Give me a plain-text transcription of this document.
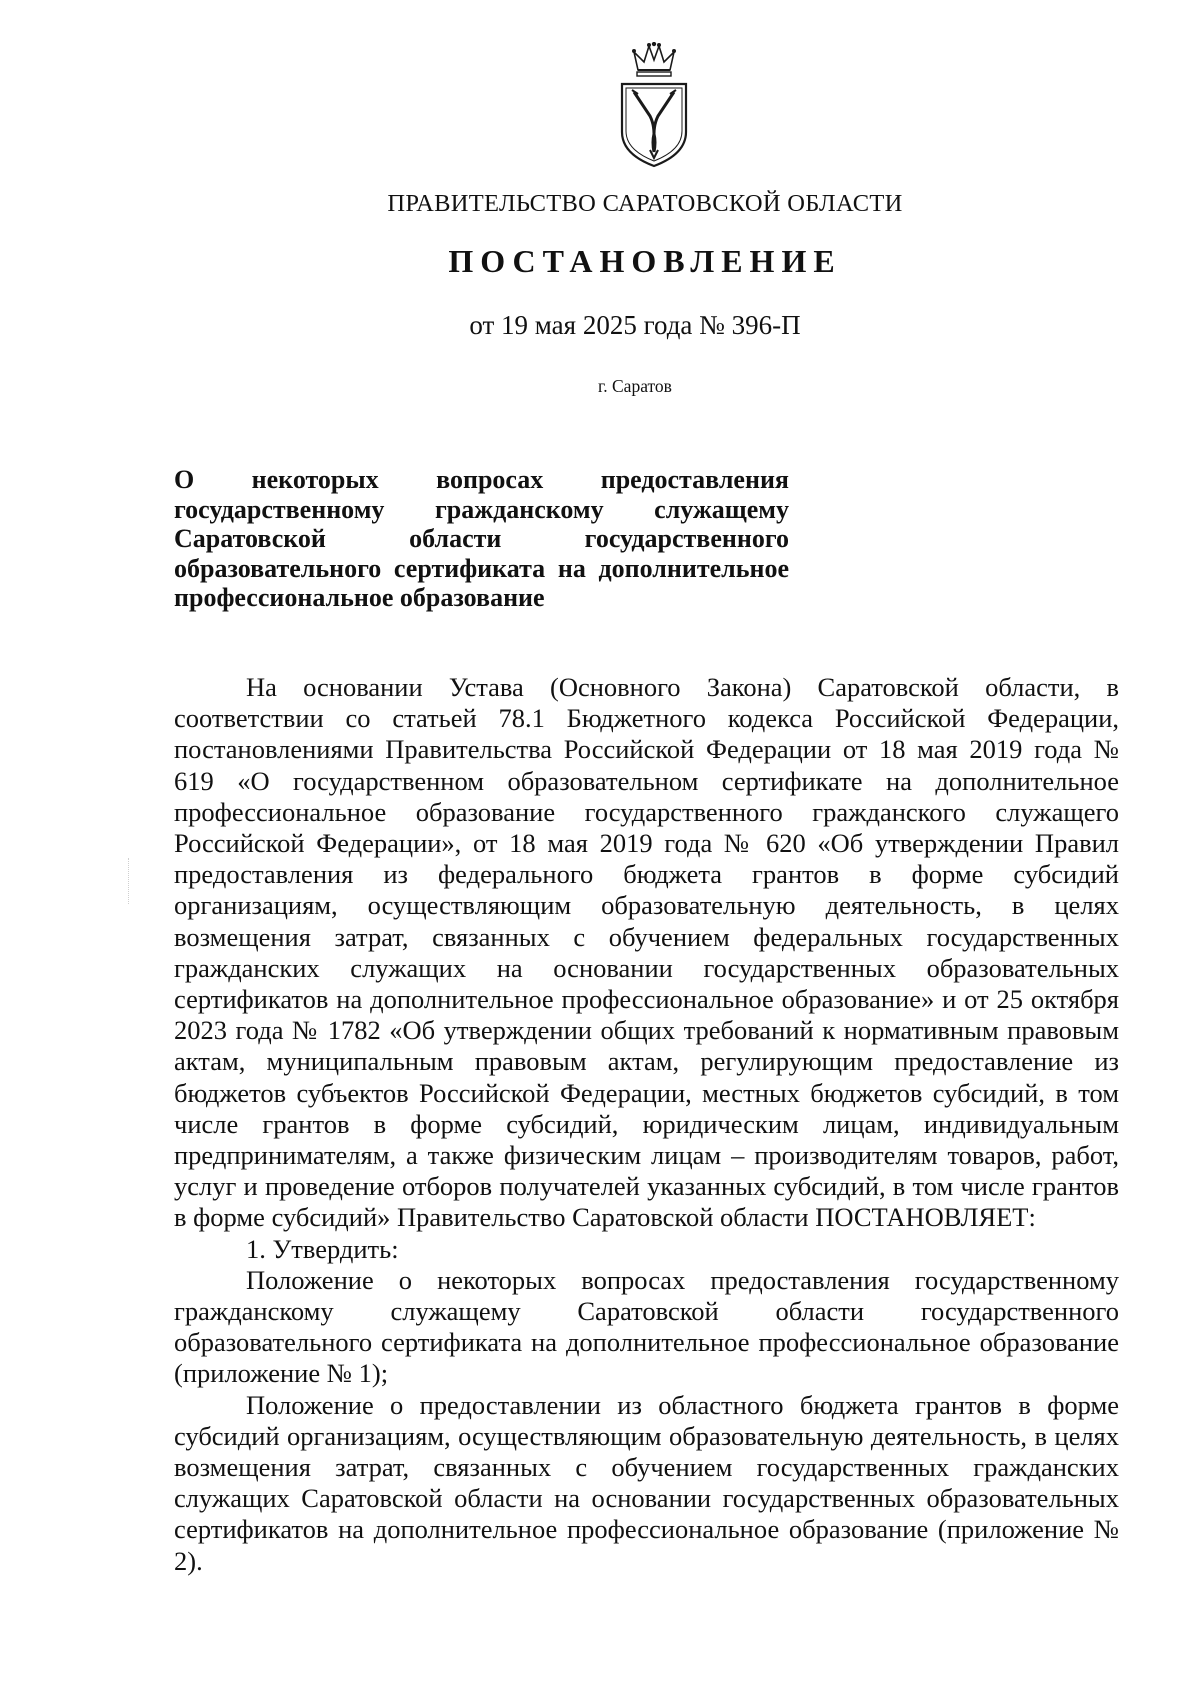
ПРАВИТЕЛЬСТВО САРАТОВСКОЙ ОБЛАСТИ
ПОСТАНОВЛЕНИЕ
от 19 мая 2025 года № 396-П
г. Саратов
О некоторых вопросах предоставления
государственному гражданскому служащему
Саратовской области государственного
образовательного сертификата на дополнительное
профессиональное образование

На основании Устава (Основного Закона) Саратовской области, в соответствии со статьей 78.1 Бюджетного кодекса Российской Федерации, постановлениями Правительства Российской Федерации от 18 мая 2019 года № 619 «О государственном образовательном сертификате на дополнительное профессиональное образование государственного гражданского служащего Российской Федерации», от 18 мая 2019 года № 620 «Об утверждении Правил предоставления из федерального бюджета грантов в форме субсидий организациям, осуществляющим образовательную деятельность, в целях возмещения затрат, связанных с обучением федеральных государственных гражданских служащих на основании государственных образовательных сертификатов на дополнительное профессиональное образование» и от 25 октября 2023 года № 1782 «Об утверждении общих требований к нормативным правовым актам, муниципальным правовым актам, регулирующим предоставление из бюджетов субъектов Российской Федерации, местных бюджетов субсидий, в том числе грантов в форме субсидий, юридическим лицам, индивидуальным предпринимателям, а также физическим лицам – производителям товаров, работ, услуг и проведение отборов получателей указанных субсидий, в том числе грантов в форме субсидий» Правительство Саратовской области ПОСТАНОВЛЯЕТ:

1. Утвердить:

Положение о некоторых вопросах предоставления государственному гражданскому служащему Саратовской области государственного образовательного сертификата на дополнительное профессиональное образование (приложение № 1);

Положение о предоставлении из областного бюджета грантов в форме субсидий организациям, осуществляющим образовательную деятельность, в целях возмещения затрат, связанных с обучением государственных гражданских служащих Саратовской области на основании государственных образовательных сертификатов на дополнительное профессиональное образование (приложение № 2).
